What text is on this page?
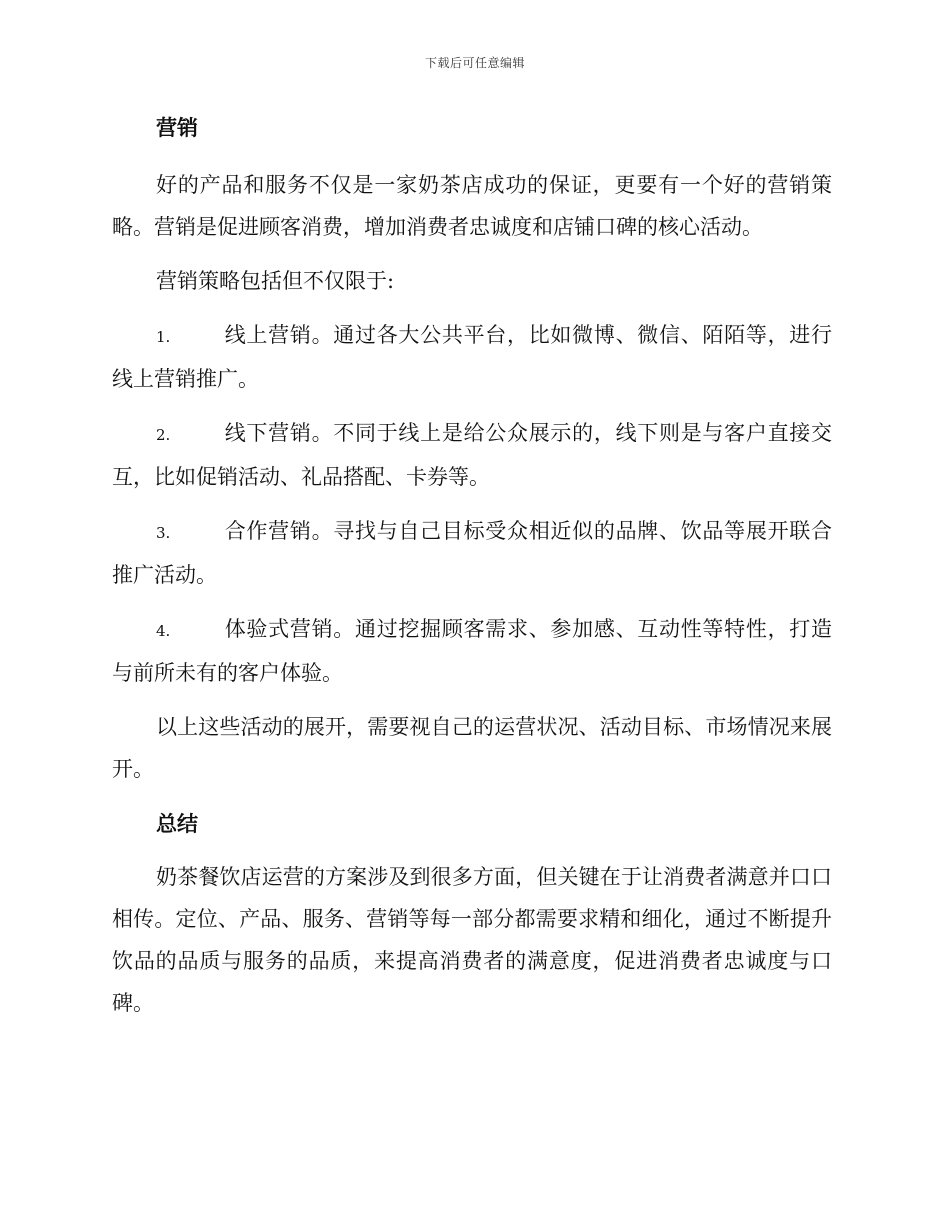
下载后可任意编辑
营销

好的产品和服务不仅是一家奶茶店成功的保证，更要有一个好的营销策略。营销是促进顾客消费，增加消费者忠诚度和店铺口碑的核心活动。

营销策略包括但不仅限于:

1.	线上营销。通过各大公共平台，比如微博、微信、陌陌等，进行线上营销推广。

2.	线下营销。不同于线上是给公众展示的，线下则是与客户直接交互，比如促销活动、礼品搭配、卡券等。

3.	合作营销。寻找与自己目标受众相近似的品牌、饮品等展开联合推广活动。

4.	体验式营销。通过挖掘顾客需求、参加感、互动性等特性，打造与前所未有的客户体验。

以上这些活动的展开，需要视自己的运营状况、活动目标、市场情况来展开。

总结

奶茶餐饮店运营的方案涉及到很多方面，但关键在于让消费者满意并口口相传。定位、产品、服务、营销等每一部分都需要求精和细化，通过不断提升饮品的品质与服务的品质，来提高消费者的满意度，促进消费者忠诚度与口碑。
